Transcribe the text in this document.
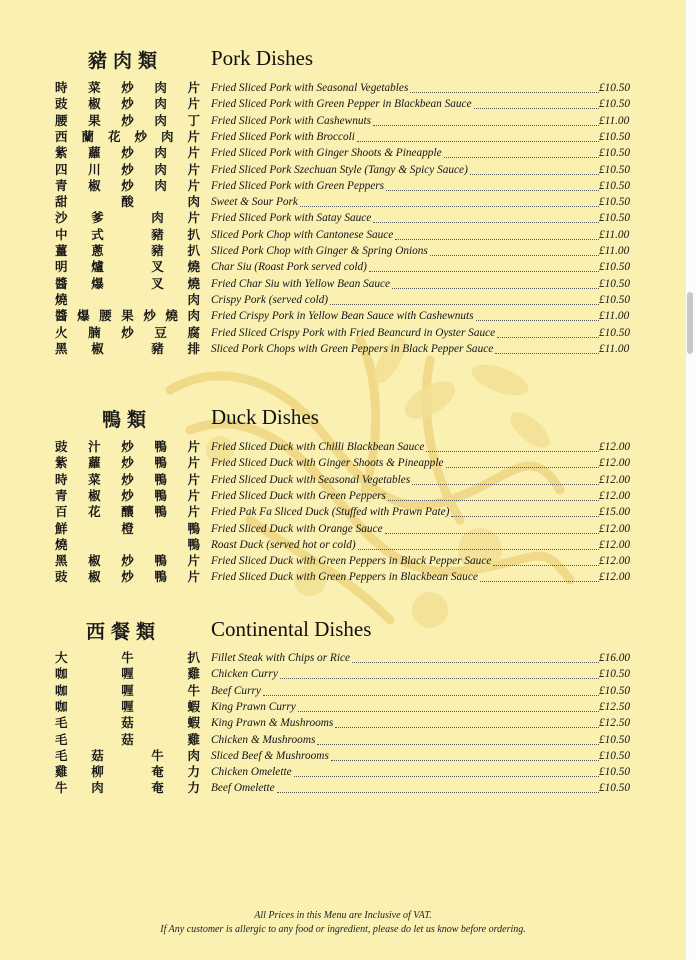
豬肉類 Pork Dishes
時 菜 炒 肉 片 Fried Sliced Pork with Seasonal Vegetables	£10.50
豉 椒 炒 肉 片 Fried Sliced Pork with Green Pepper in Blackbean Sauce	£10.50
腰 果 炒 肉 丁 Fried Sliced Pork with Cashewnuts	£11.00
西 蘭 花 炒 肉 片 Fried Sliced Pork with Broccoli	£10.50
紫 蘿 炒 肉 片 Fried Sliced Pork with Ginger Shoots & Pineapple	£10.50
四 川 炒 肉 片 Fried Sliced Pork Szechuan Style (Tangy & Spicy Sauce)	£10.50
青 椒 炒 肉 片 Fried Sliced Pork with Green Peppers	£10.50
甜	酸	肉 Sweet & Sour Pork	£10.50
沙 爹	肉 片 Fried Sliced Pork with Satay Sauce	£10.50
中 式	豬 扒 Sliced Pork Chop with Cantonese Sauce	£11.00
薑 蔥	豬 扒 Sliced Pork Chop with Ginger & Spring Onions	£11.00
明 爐	叉 燒 Char Siu (Roast Pork served cold)	£10.50
醬 爆	叉 燒 Fried Char Siu with Yellow Bean Sauce	£10.50
燒	肉 Crispy Pork (served cold)	£10.50
醬 爆 腰 果 炒 燒 肉 Fried Crispy Pork in Yellow Bean Sauce with Cashewnuts	£11.00
火 腩 炒 豆 腐 Fried Sliced Crispy Pork with Fried Beancurd in Oyster Sauce	£10.50
黑 椒	豬 排 Sliced Pork Chops with Green Peppers in Black Pepper Sauce	£11.00
鴨類	Duck Dishes
豉 汁 炒 鴨 片 Fried Sliced Duck with Chilli Blackbean Sauce	£12.00
紫 蘿 炒 鴨 片 Fried Sliced Duck with Ginger Shoots & Pineapple	£12.00
時 菜 炒 鴨 片 Fried Sliced Duck with Seasonal Vegetables	£12.00
青 椒 炒 鴨 片 Fried Sliced Duck with Green Peppers	£12.00
百 花 釀 鴨 片 Fried Pak Fa Sliced Duck (Stuffed with Prawn Pate)	£15.00
鮮	橙	鴨 Fried Sliced Duck with Orange Sauce	£12.00
燒	鴨 Roast Duck (served hot or cold)	£12.00
黑 椒 炒 鴨 片 Fried Sliced Duck with Green Peppers in Black Pepper Sauce	£12.00
豉 椒 炒 鴨 片 Fried Sliced Duck with Green Peppers in Blackbean Sauce	£12.00
西餐類 Continental Dishes
大	牛	扒 Fillet Steak with Chips or Rice	£16.00
咖	喱	雞 Chicken Curry	£10.50
咖	喱	牛 Beef Curry	£10.50
咖	喱	蝦 King Prawn Curry	£12.50
毛	菇	蝦 King Prawn & Mushrooms	£12.50
毛	菇	雞 Chicken & Mushrooms	£10.50
毛 菇	牛 肉 Sliced Beef & Mushrooms	£10.50
雞 柳	奄 力 Chicken Omelette	£10.50
牛 肉	奄 力 Beef Omelette	£10.50
All Prices in this Menu are Inclusive of VAT.
If Any customer is allergic to any food or ingredient, please do let us know before ordering.
